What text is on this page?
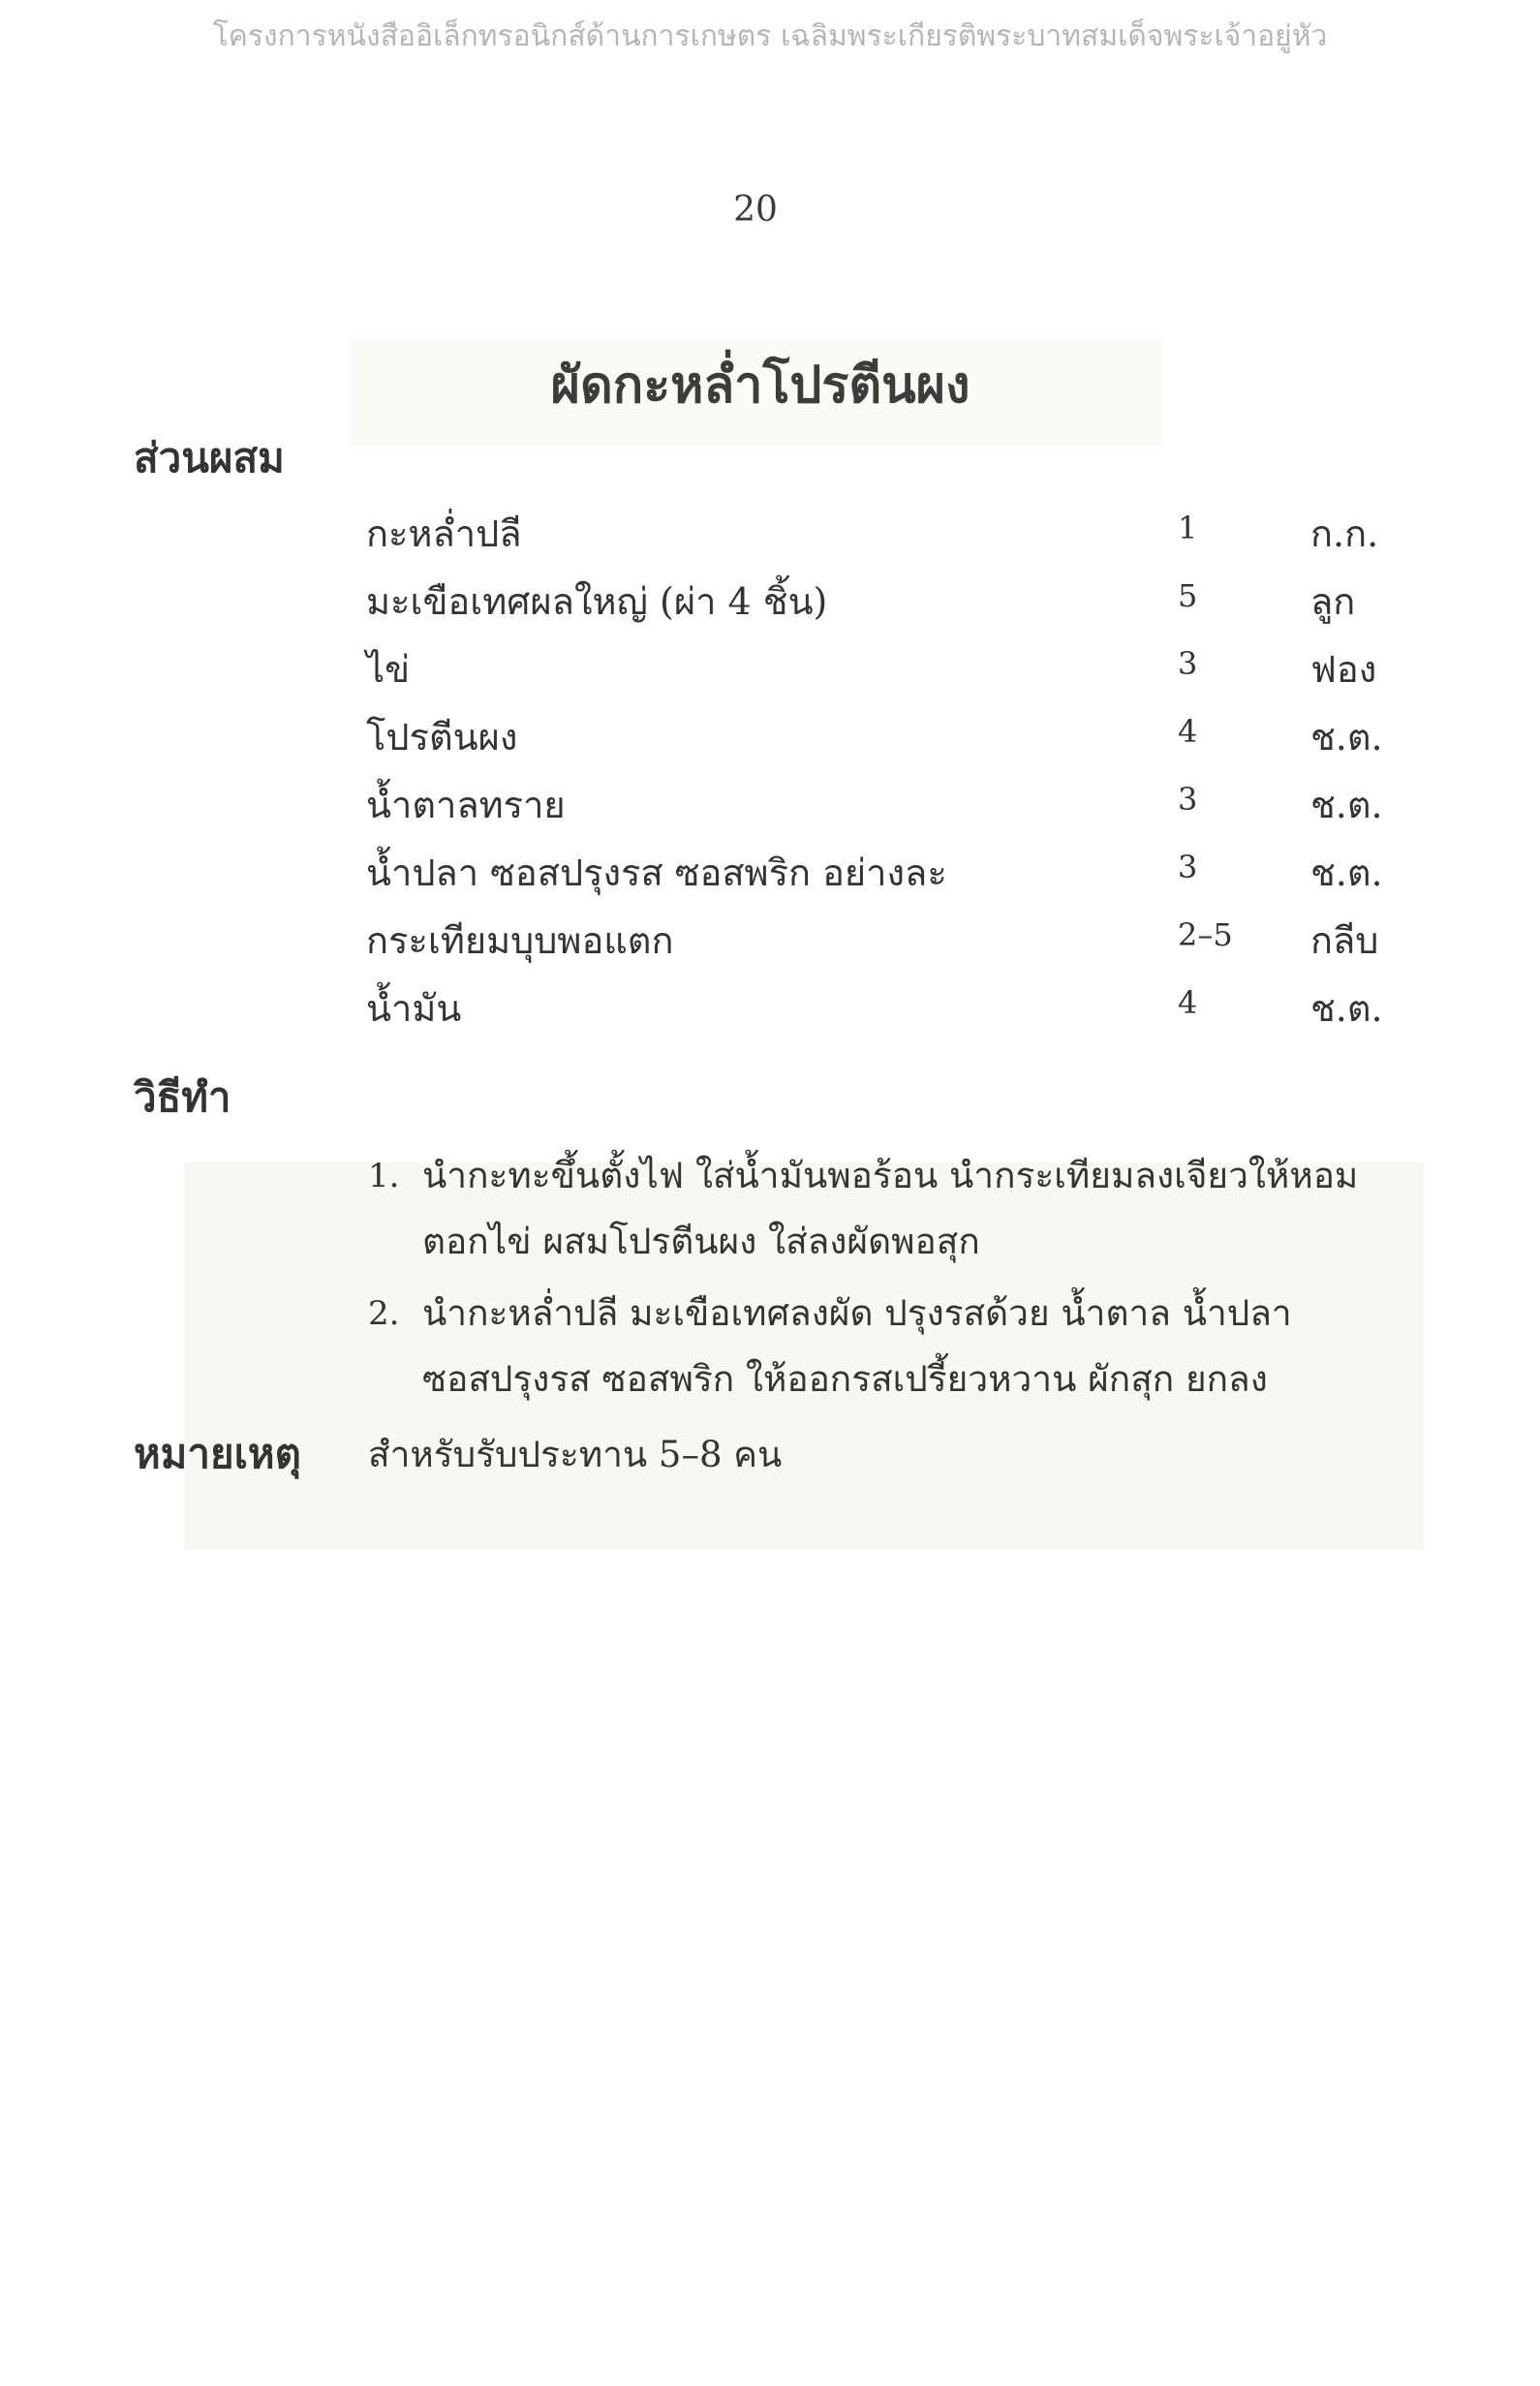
โครงการหนังสืออิเล็กทรอนิกส์ด้านการเกษตร เฉลิมพระเกียรติพระบาทสมเด็จพระเจ้าอยู่หัว
20
ผัดกะหล่ำโปรตีนผง
ส่วนผสม
กะหล่ำปลี	1	ก.ก.
มะเขือเทศผลใหญ่ (ผ่า 4 ชิ้น)	5	ลูก
ไข่	3	ฟอง
โปรตีนผง	4	ช.ต.
น้ำตาลทราย	3	ช.ต.
น้ำปลา ซอสปรุงรส ซอสพริก อย่างละ	3	ช.ต.
กระเทียมบุบพอแตก	2–5 กลีบ
น้ำมัน	4	ช.ต.
วิธีทำ
1. นำกะทะขึ้นตั้งไฟ ใส่น้ำมันพอร้อน นำกระเทียมลงเจียวให้หอม
ตอกไข่ ผสมโปรตีนผง ใส่ลงผัดพอสุก
2. นำกะหล่ำปลี มะเขือเทศลงผัด ปรุงรสด้วย น้ำตาล น้ำปลา
ซอสปรุงรส ซอสพริก ให้ออกรสเปรี้ยวหวาน ผักสุก ยกลง
หมายเหตุ สำหรับรับประทาน 5–8 คน
